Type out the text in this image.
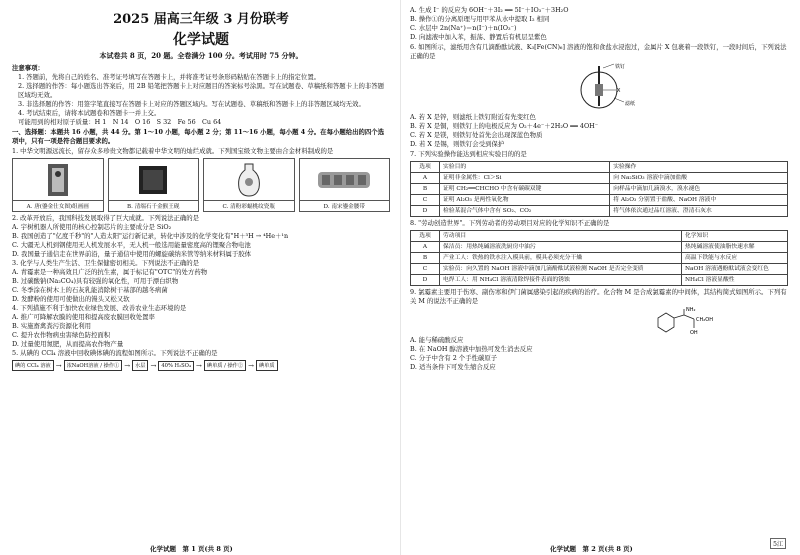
2025 届高三年级 3 月份联考
化学试题
本试卷共 8 页，20 题。全卷满分 100 分。考试用时 75 分钟。

注意事项：

1. 答题前，先将自己的姓名、准考证号填写在答题卡上，并将准考证号条形码粘贴在答题卡上的指定位置。

2. 选择题的作答：每小题选出答案后，用 2B 铅笔把答题卡上对应题目的答案标号涂黑。写在试题卷、草稿纸和答题卡上的非答题区域均无效。

3. 非选择题的作答：用签字笔直接写在答题卡上对应的答题区域内。写在试题卷、草稿纸和答题卡上的非答题区域均无效。

4. 考试结束后，请将本试题卷和答题卡一并上交。

可能用到的相对原子质量：H 1　N 14　O 16　S 32　Fe 56　Cu 64

一、选择题：本题共 16 小题，共 44 分。第 1～10 小题，每小题 2 分；第 11～16 小题，每小题 4 分。在每小题给出的四个选项中，只有一项是符合题目要求的。

1. 中华文明源远流长，留存众多珍贵文物都记载着中华文明的灿烂成就。下列国宝级文物主要由合金材料制成的是

A. 唐(鎏金仕女图)组画画	B. 清端石千金猴王砚	C. 清粉彩蝠桃纹瓷瓶	D. 南宋鎏金腰带

2. 改革开放后，我国科技发展取得了巨大成就。下列说法正确的是

A. 宇树机器人所使用的核心控制芯片的主要成分是 SiO₂

B. 我国创造了"亿度千秒"的"人造太阳"运行新记录，转化中涉及的化学变化有"H＋³H → ⁴He＋¹n

C. 大疆无人机到钢使用无人机发展水平，无人机一般选用能量密度高的锂聚合物电池

D. 我国量子通信走在世界前沿，量子通信中使用的螺旋碳纳米管等纳米材料属于胶体

3. 化学与人类生产生活、卫生保健密切相关。下列说法不正确的是

A. 青霉素是一种高效且广泛的抗生素，属于标记有"OTC"的处方药物

B. 过碳酸钠(Na₂CO₄)具有较强的氧化性，可用于漂白织物

C. 冬季涂在树木上的石灰乳能消除树干基部的越冬病菌

D. 发酵粉的使用可使做出的馒头又松又软

4. 下列措施不利于加快农业绿色发展、改善农业生态环境的是

A. 推广可降解农膜的使用和提高废农膜回收处置率

B. 实施畜禽粪污资源化利用

C. 提升农作物病虫害绿色防控面积

D. 过量使用氮肥，从而提高农作物产量

5. 从碘的 CCl₄ 溶液中回收碘体碘的流程如图所示。下列说法不正确的是

碘的 CCl₄ 溶液 → 浓NaOH溶液 / 操作① → 水层 → 40% H₂SO₄ → 碘单质 / 操作② → 碘单质
化学试题　第 1 页(共 8 页)

A. 生成 I⁻ 的反应为 6OH⁻＋3I₂ ══ 5I⁻＋IO₃⁻＋3H₂O

B. 操作①的分离原理与用甲苯从水中提取 I₂ 相同

C. 水层中 2n(Na⁺)＝n(I⁻)＋n(IO₃⁻)

D. 向滤液中加入苯，振荡、静置后有机层呈紫色

6. 如图所示，滤纸用含有几滴酚酞试液、K₃[Fe(CN)₆] 溶液的饱和食盐水浸泡过，金属片 X 包裹着一段铁钉，一段时间后，下列说法正确的是

铁钉
X
滤纸

A. 若 X 是锌，则滤纸上铁钉附近有先变红色

B. 若 X 是铜，则铁钉上的电极反应为 O₂＋4e⁻＋2H₂O ══ 4OH⁻

C. 若 X 是镁，则铁钉处首先会出现深蓝色物质

D. 若 X 是锡，则铁钉会受到保护

7. 下列实验操作能达到相应实验目的的是

选项	实验目的	实验操作
A	证明非金属性：Cl＞Si	向 Na₂SiO₃ 溶液中滴加盐酸
B	证明 CH₂══CHCHO 中含有碳碳双键	向样品中滴加几滴溴水，溴水褪色
C	证明 Al₂O₃ 是两性氧化物	将 Al₂O₃ 分别置于盐酸、NaOH 溶液中
D	检验某混合气体中含有 SO₂、CO₂	将气体依次通过品红溶液、澄清石灰水

8. "劳动创造世界"。下列劳动者的劳动项目对应的化学知识不正确的是

选项	劳动项目	化学知识
A	保洁员：用热纯碱溶液洗厨房中油污	热纯碱溶液使油脂快速水解
B	产业工人：铁热的铁水注入模具前，模具必须充分干燥	高温下铁能与水反应
C	实验员：向久置的 NaOH 溶液中滴加几滴酚酞试液检测 NaOH 是否完全变质	NaOH 溶液遇酚酞试液会变红色
D	电焊工人：用 NH₄Cl 溶液清除焊接件表面的锈蚀	NH₄Cl 溶液显酸性

9. 氯霉素主要用于伤寒、副伤寒和伊门菌属感染引起的疾病的治疗。化合物 M 是合成氯霉素的中间体，其结构简式如图所示。下列有关 M 的说法不正确的是

NH₂
CH₂OH
OH

A. 能与稀硫酸反应

B. 在 NaOH 醇溶液中加热可发生消去反应

C. 分子中含有 2 个手性碳原子

D. 适当条件下可发生缩合反应

化学试题　第 2 页(共 8 页)
5江
